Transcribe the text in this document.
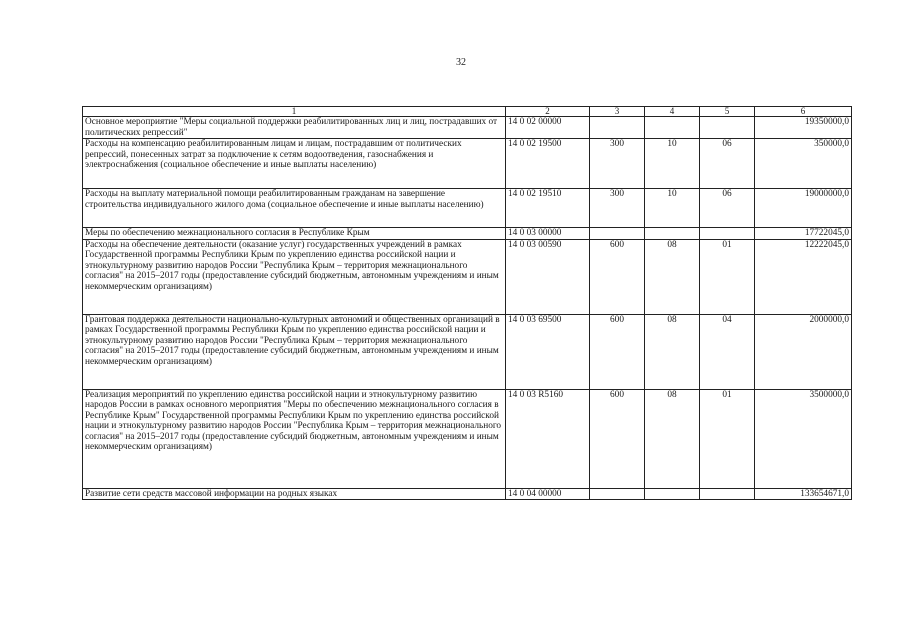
32
1	2	3	4	5	6
Основное мероприятие "Меры социальной поддержки реабилитированных лиц и лиц, пострадавших от политических репрессий"	14 0 02 00000				19350000,0
Расходы на компенсацию реабилитированным лицам и лицам, пострадавшим от политических репрессий, понесенных затрат за подключение к сетям водоотведения, газоснабжения и электроснабжения (социальное обеспечение и иные выплаты населению)	14 0 02 19500	300	10	06	350000,0
Расходы на выплату материальной помощи реабилитированным гражданам на завершение строительства индивидуального жилого дома (социальное обеспечение и иные выплаты населению)	14 0 02 19510	300	10	06	19000000,0
Меры по обеспечению межнационального согласия в Республике Крым	14 0 03 00000				17722045,0
Расходы на обеспечение деятельности (оказание услуг) государственных учреждений в рамках Государственной программы Республики Крым по укреплению единства российской нации и этнокультурному развитию народов России "Республика Крым – территория межнационального согласия" на 2015–2017 годы (предоставление субсидий бюджетным, автономным учреждениям и иным некоммерческим организациям)	14 0 03 00590	600	08	01	12222045,0
Грантовая поддержка деятельности национально-культурных автономий и общественных организаций в рамках Государственной программы Республики Крым по укреплению единства российской нации и этнокультурному развитию народов России "Республика Крым – территория межнационального согласия" на 2015–2017 годы (предоставление субсидий бюджетным, автономным учреждениям и иным некоммерческим организациям)	14 0 03 69500	600	08	04	2000000,0
Реализация мероприятий по укреплению единства российской нации и этнокультурному развитию народов России в рамках основного мероприятия "Меры по обеспечению межнационального согласия в Республике Крым" Государственной программы Республики Крым по укреплению единства российской нации и этнокультурному развитию народов России "Республика Крым – территория межнационального согласия" на 2015–2017 годы (предоставление субсидий бюджетным, автономным учреждениям и иным некоммерческим организациям)	14 0 03 R5160	600	08	01	3500000,0
Развитие сети средств массовой информации на родных языках	14 0 04 00000				133654671,0
